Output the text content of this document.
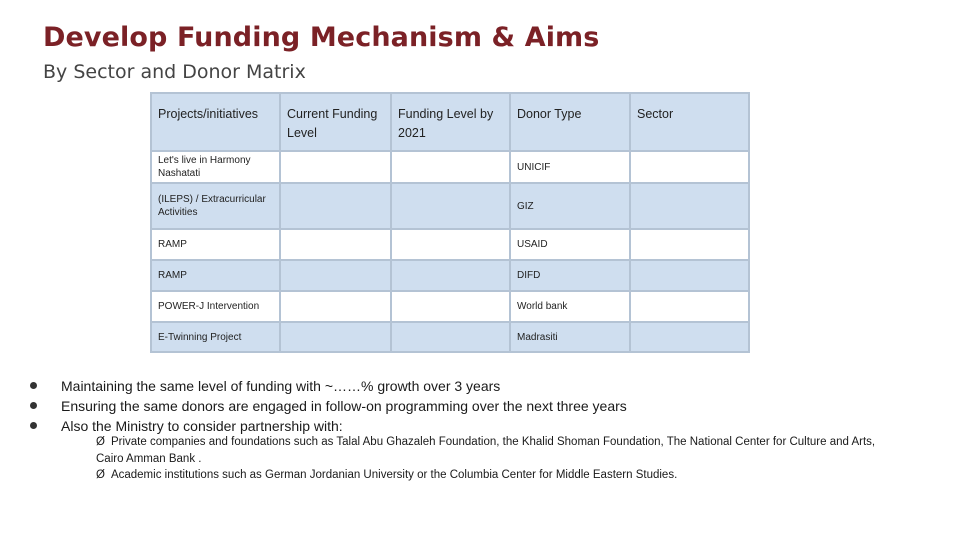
Develop Funding Mechanism & Aims
By Sector and Donor Matrix
Projects/initiatives	Current Funding Level	Funding Level by 2021	Donor Type	Sector
Let's live in Harmony Nashatati			UNICIF	
(ILEPS) / Extracurricular Activities			GIZ	
RAMP			USAID	
RAMP			DIFD	
POWER-J Intervention			World bank	
E-Twinning Project			Madrasiti	
Maintaining the same level of funding with ~……% growth over 3 years
Ensuring the same donors are engaged in follow-on programming over the next three years
Also the Ministry to consider partnership with:

Ø Private companies and foundations such as Talal Abu Ghazaleh Foundation, the Khalid Shoman Foundation, The National Center for Culture and Arts, Cairo Amman Bank .

Ø Academic institutions such as German Jordanian University or the Columbia Center for Middle Eastern Studies.
